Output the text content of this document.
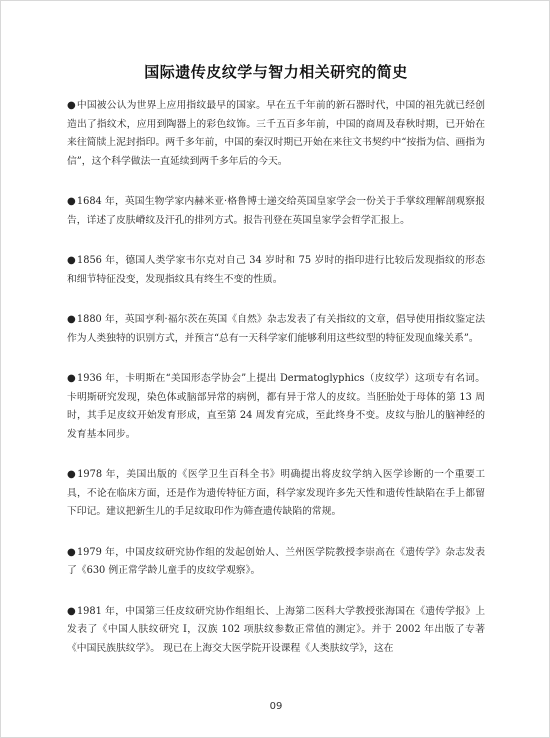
国际遗传皮纹学与智力相关研究的简史

●中国被公认为世界上应用指纹最早的国家。早在五千年前的新石器时代，中国的祖先就已经创造出了指纹术，应用到陶器上的彩色纹饰。三千五百多年前，中国的商周及春秋时期，已开始在来往简牍上泥封指印。两千多年前，中国的秦汉时期已开始在来往文书契约中“按指为信、画指为信”，这个科学做法一直延续到两千多年后的今天。

●1684 年，英国生物学家内赫米亚·格鲁博士递交给英国皇家学会一份关于手掌纹理解剖观察报告，详述了皮肤嵴纹及汗孔的排列方式。报告刊登在英国皇家学会哲学汇报上。

●1856 年，德国人类学家韦尔克对自己 34 岁时和 75 岁时的指印进行比较后发现指纹的形态和细节特征没变，发现指纹具有终生不变的性质。

●1880 年，英国亨利·福尔茨在英国《自然》杂志发表了有关指纹的文章，倡导使用指纹鉴定法作为人类独特的识别方式，并预言“总有一天科学家们能够利用这些纹型的特征发现血缘关系”。

●1936 年，卡明斯在“美国形态学协会”上提出 Dermatoglyphics（皮纹学）这项专有名词。卡明斯研究发现，染色体或脑部异常的病例，都有异于常人的皮纹。当胚胎处于母体的第 13 周时，其手足皮纹开始发育形成，直至第 24 周发育完成，至此终身不变。皮纹与胎儿的脑神经的发育基本同步。

●1978 年，美国出版的《医学卫生百科全书》明确提出将皮纹学纳入医学诊断的一个重要工具，不论在临床方面，还是作为遗传特征方面，科学家发现许多先天性和遗传性缺陷在手上都留下印记。建议把新生儿的手足纹取印作为筛查遗传缺陷的常规。

●1979 年，中国皮纹研究协作组的发起创始人、兰州医学院教授李崇高在《遗传学》杂志发表了《630 例正常学龄儿童手的皮纹学观察》。

●1981 年，中国第三任皮纹研究协作组组长、上海第二医科大学教授张海国在《遗传学报》上发表了《中国人肤纹研究 I，汉族 102 项肤纹参数正常值的测定》。并于 2002 年出版了专著《中国民族肤纹学》。 现已在上海交大医学院开设课程《人类肤纹学》，这在

09
